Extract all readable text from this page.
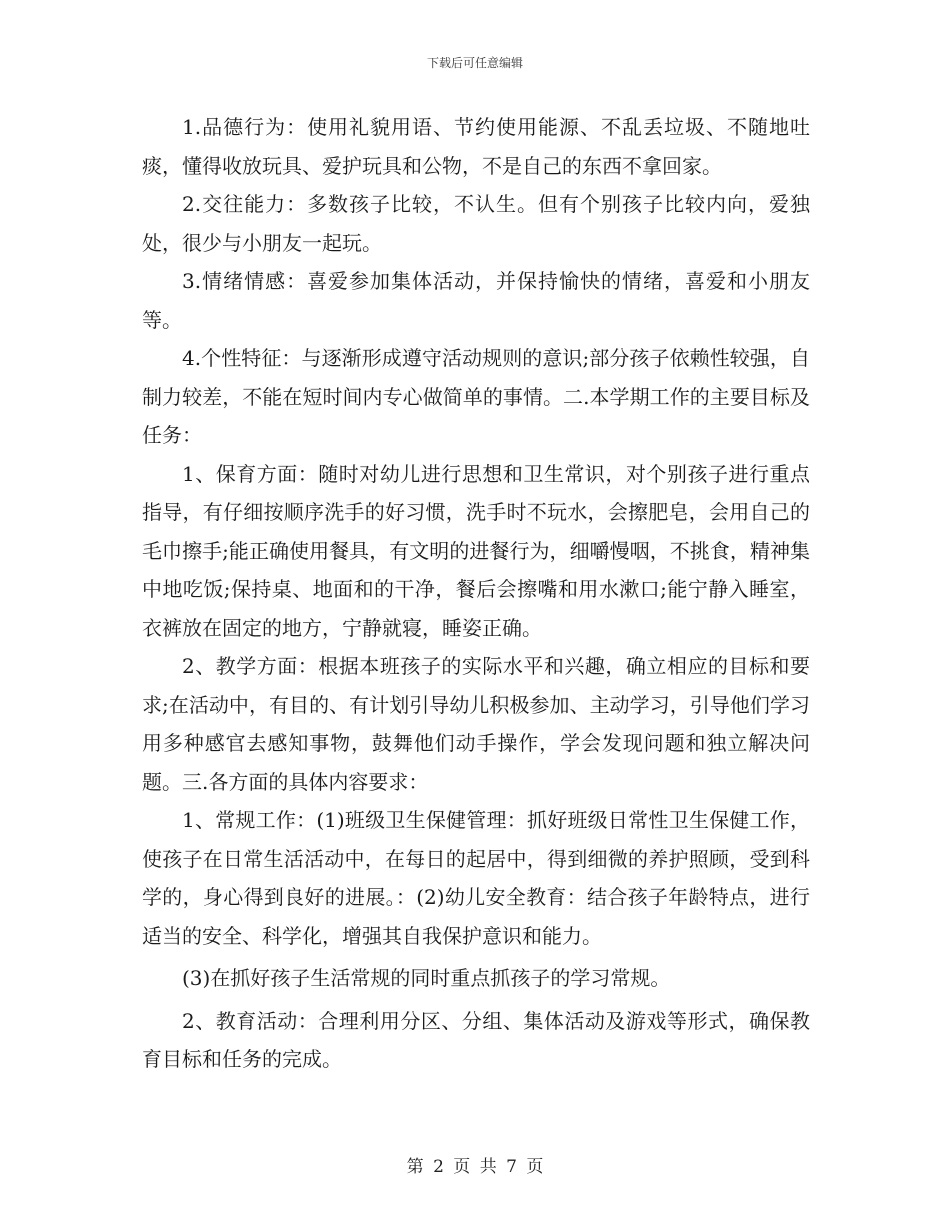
下载后可任意编辑

1.品德行为：使用礼貌用语、节约使用能源、不乱丢垃圾、不随地吐痰，懂得收放玩具、爱护玩具和公物，不是自己的东西不拿回家。

2.交往能力：多数孩子比较，不认生。但有个别孩子比较内向，爱独处，很少与小朋友一起玩。

3.情绪情感：喜爱参加集体活动，并保持愉快的情绪，喜爱和小朋友等。

4.个性特征：与逐渐形成遵守活动规则的意识;部分孩子依赖性较强，自制力较差，不能在短时间内专心做简单的事情。二.本学期工作的主要目标及任务：

1、保育方面：随时对幼儿进行思想和卫生常识，对个别孩子进行重点指导，有仔细按顺序洗手的好习惯，洗手时不玩水，会擦肥皂，会用自己的毛巾擦手;能正确使用餐具，有文明的进餐行为，细嚼慢咽，不挑食，精神集中地吃饭;保持桌、地面和的干净，餐后会擦嘴和用水漱口;能宁静入睡室，衣裤放在固定的地方，宁静就寝，睡姿正确。

2、教学方面：根据本班孩子的实际水平和兴趣，确立相应的目标和要求;在活动中，有目的、有计划引导幼儿积极参加、主动学习，引导他们学习用多种感官去感知事物，鼓舞他们动手操作，学会发现问题和独立解决问题。三.各方面的具体内容要求：

1、常规工作：(1)班级卫生保健管理：抓好班级日常性卫生保健工作，使孩子在日常生活活动中，在每日的起居中，得到细微的养护照顾，受到科学的，身心得到良好的进展。：(2)幼儿安全教育：结合孩子年龄特点，进行适当的安全、科学化，增强其自我保护意识和能力。

(3)在抓好孩子生活常规的同时重点抓孩子的学习常规。

2、教育活动：合理利用分区、分组、集体活动及游戏等形式，确保教育目标和任务的完成。

第 2 页 共 7 页
